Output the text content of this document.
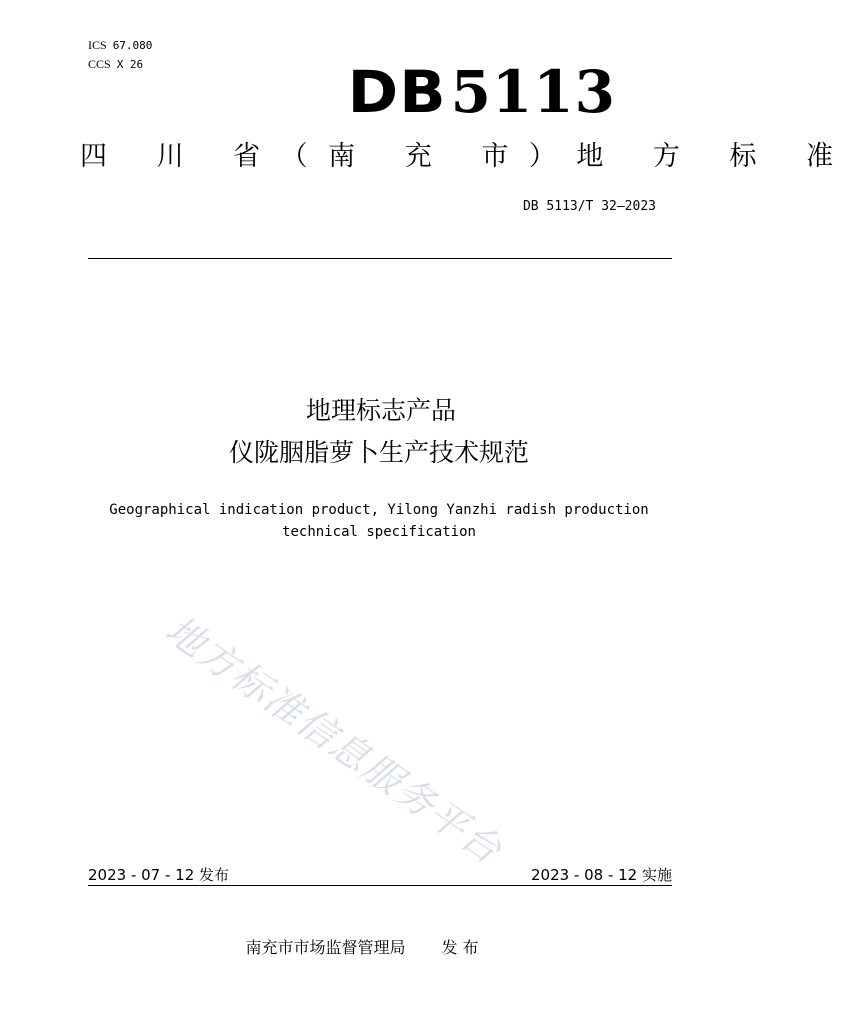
ICS 67.080
CCS X 26	DB5113
四 川 省（南 充 市）地 方 标 准
DB 5113/T 32—2023
地理标志产品
仪陇胭脂萝卜生产技术规范
Geographical indication product, Yilong Yanzhi radish production technical specification
地方标准信息服务平台
2023 - 07 - 12 发布	2023 - 08 - 12 实施
南充市市场监督管理局 发 布
